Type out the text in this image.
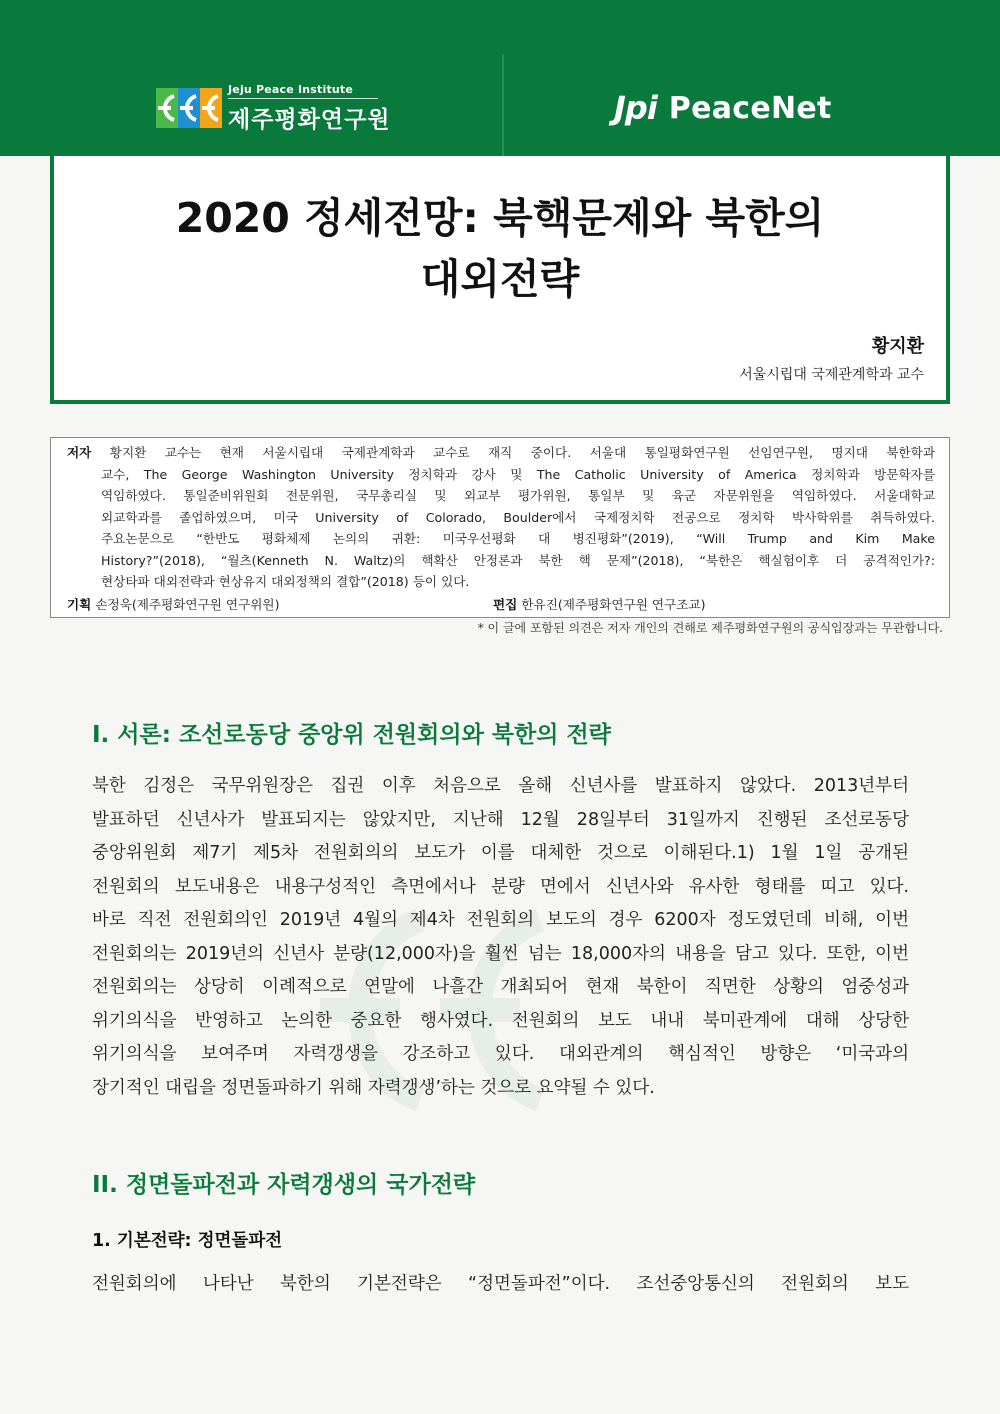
Jeju Peace Institute
제주평화연구원	Jpi PeaceNet
2020 정세전망: 북핵문제와 북한의
대외전략
황지환
서울시립대 국제관계학과 교수
저자 황지환 교수는 현재 서울시립대 국제관계학과 교수로 재직 중이다. 서울대 통일평화연구원 선임연구원, 명지대 북한학과
교수, The George Washington University 정치학과 강사 및 The Catholic University of America 정치학과 방문학자를
역임하였다. 통일준비위원회 전문위원, 국무총리실 및 외교부 평가위원, 통일부 및 육군 자문위원을 역임하였다. 서울대학교
외교학과를 졸업하였으며, 미국 University of Colorado, Boulder에서 국제정치학 전공으로 정치학 박사학위를 취득하였다.
주요논문으로 “한반도 평화체제 논의의 귀환: 미국우선평화 대 병진평화”(2019), “Will Trump and Kim Make
History?”(2018), “월츠(Kenneth N. Waltz)의 핵확산 안정론과 북한 핵 문제”(2018), “북한은 핵실험이후 더 공격적인가?:
현상타파 대외전략과 현상유지 대외정책의 결합”(2018) 등이 있다.
기획 손정욱(제주평화연구원 연구위원)	편집 한유진(제주평화연구원 연구조교)
* 이 글에 포함된 의견은 저자 개인의 견해로 제주평화연구원의 공식입장과는 무관합니다.
I. 서론: 조선로동당 중앙위 전원회의와 북한의 전략
북한 김정은 국무위원장은 집권 이후 처음으로 올해 신년사를 발표하지 않았다. 2013년부터
발표하던 신년사가 발표되지는 않았지만, 지난해 12월 28일부터 31일까지 진행된 조선로동당
중앙위원회 제7기 제5차 전원회의의 보도가 이를 대체한 것으로 이해된다.1) 1월 1일 공개된
전원회의 보도내용은 내용구성적인 측면에서나 분량 면에서 신년사와 유사한 형태를 띠고 있다.
바로 직전 전원회의인 2019년 4월의 제4차 전원회의 보도의 경우 6200자 정도였던데 비해, 이번
전원회의는 2019년의 신년사 분량(12,000자)을 훨씬 넘는 18,000자의 내용을 담고 있다. 또한, 이번
전원회의는 상당히 이례적으로 연말에 나흘간 개최되어 현재 북한이 직면한 상황의 엄중성과
위기의식을 반영하고 논의한 중요한 행사였다. 전원회의 보도 내내 북미관계에 대해 상당한
위기의식을 보여주며 자력갱생을 강조하고 있다. 대외관계의 핵심적인 방향은 ‘미국과의
장기적인 대립을 정면돌파하기 위해 자력갱생’하는 것으로 요약될 수 있다.
II. 정면돌파전과 자력갱생의 국가전략
1. 기본전략: 정면돌파전
전원회의에 나타난 북한의 기본전략은 “정면돌파전”이다. 조선중앙통신의 전원회의 보도
